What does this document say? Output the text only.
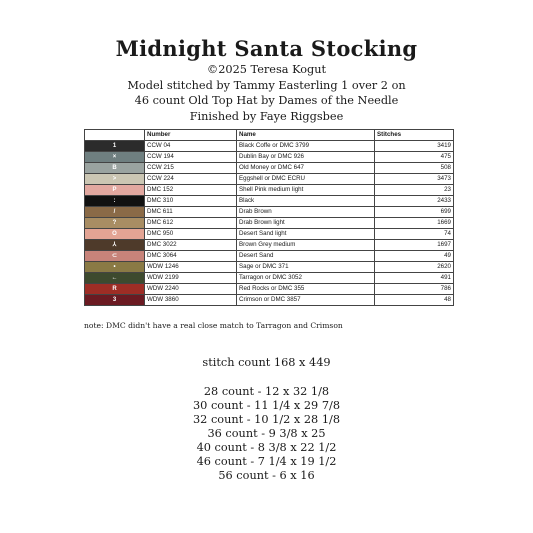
Midnight Santa Stocking
©2025 Teresa Kogut
Model stitched by Tammy Easterling 1 over 2 on
46 count Old Top Hat by Dames of the Needle
Finished by Faye Riggsbee
	Number	Name	Stitches
1	CCW 04	Black Coffe or DMC 3799	3419
×	CCW 194	Dublin Bay or DMC 926	475
B	CCW 215	Old Money or DMC 647	508
>	CCW 224	Eggshell or DMC ECRU	3473
P	DMC 152	Shell Pink medium light	23
:	DMC 310	Black	2433
/	DMC 611	Drab Brown	699
?	DMC 612	Drab Brown light	1669
O	DMC 950	Desert Sand light	74
⅄	DMC 3022	Brown Grey medium	1697
⊂	DMC 3064	Desert Sand	49
•	WDW 1246	Sage or DMC 371	2620
←	WDW 2199	Tarragon or DMC 3052	491
R	WDW 2240	Red Rocks or DMC 355	786
3	WDW 3860	Crimson or DMC 3857	48
note: DMC didn't have a real close match to Tarragon and Crimson
stitch count 168 x 449
28 count - 12 x 32 1/8
30 count - 11 1/4 x 29 7/8
32 count - 10 1/2 x 28 1/8
36 count - 9 3/8 x 25
40 count - 8 3/8 x 22 1/2
46 count - 7 1/4 x 19 1/2
56 count - 6 x 16
